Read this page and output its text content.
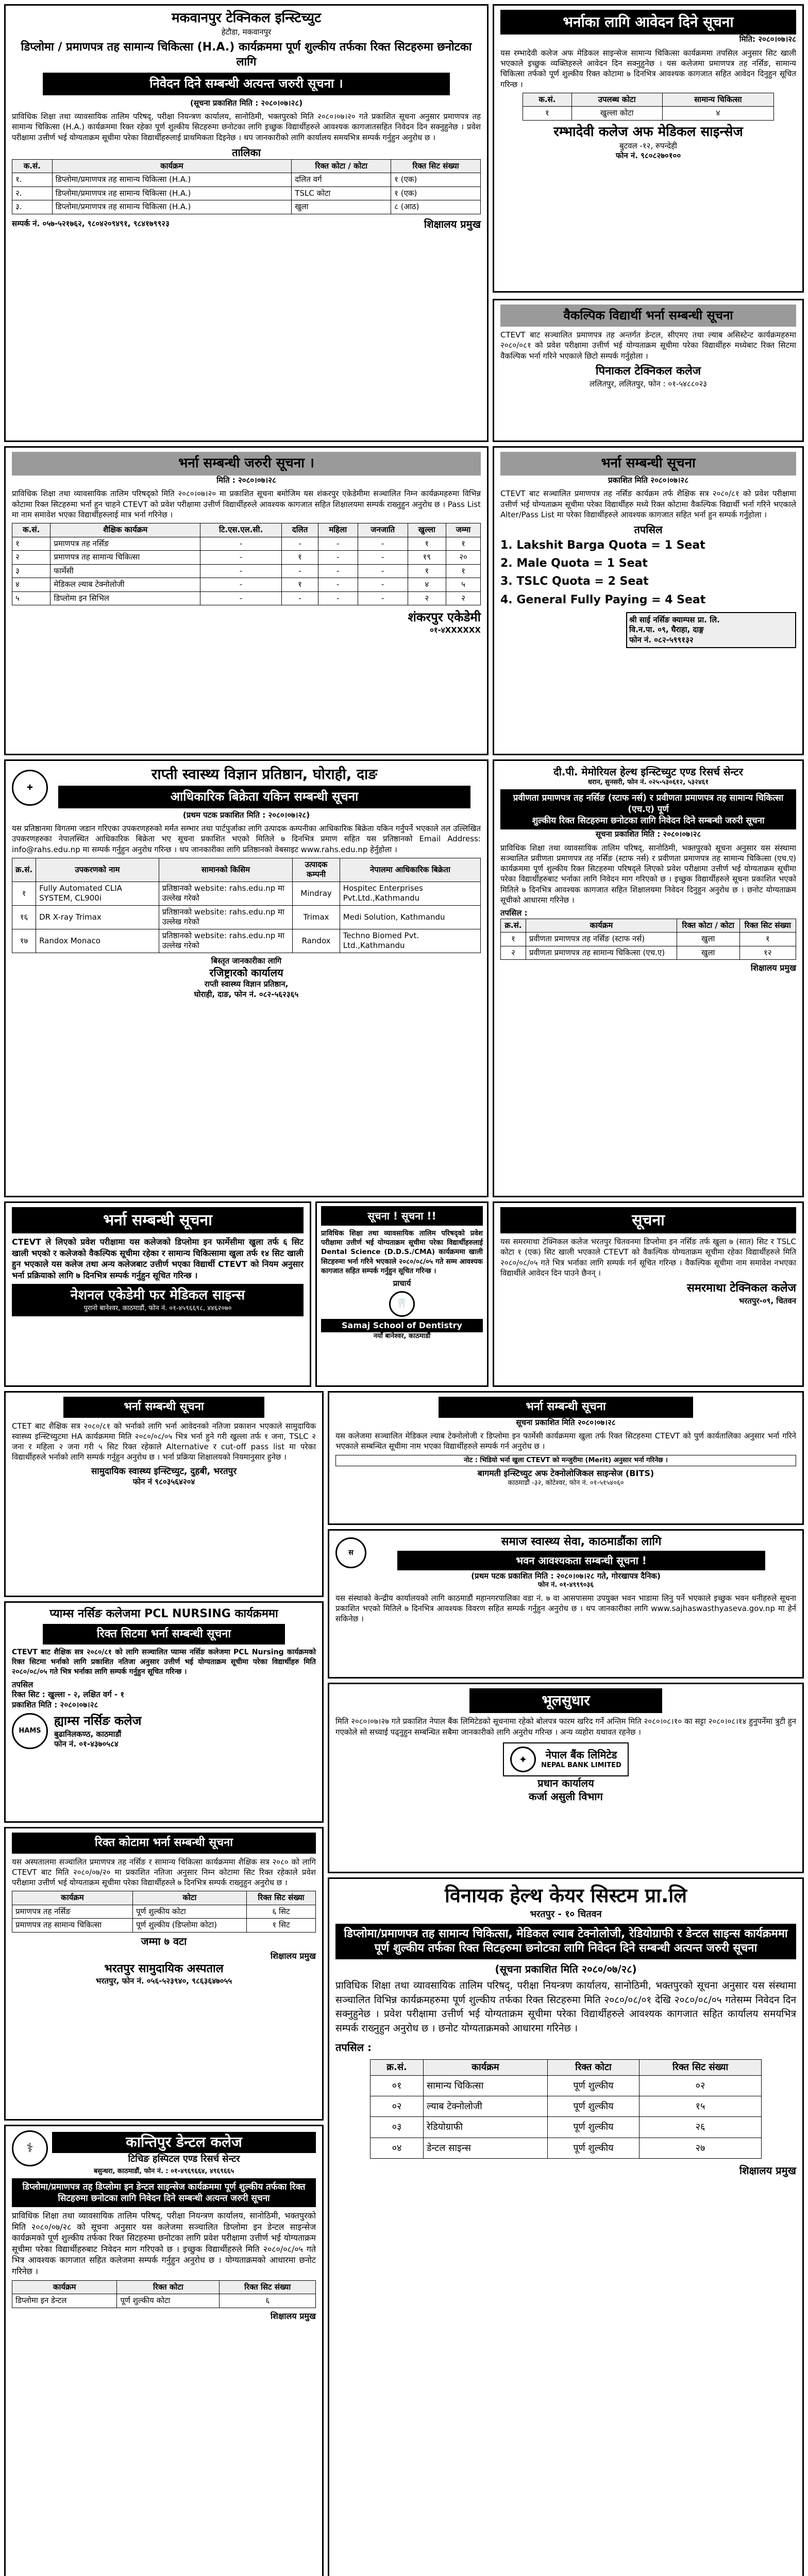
मकवानपुर टेक्निकल इन्स्टिच्युट
हेटौडा, मकवानपुर
डिप्लोमा / प्रमाणपत्र तह सामान्य चिकित्सा (H.A.) कार्यक्रममा पूर्ण शुल्कीय तर्फका रिक्त सिटहरुमा छनोटका लागि
निवेदन दिने सम्बन्धी अत्यन्त जरुरी सूचना ।
(सूचना प्रकाशित मिति : २०८०।०७।२८)
प्राविधिक शिक्षा तथा व्यावसायिक तालिम परिषद्, परीक्षा नियन्त्रण कार्यालय, सानोठिमी, भक्तपुरको मिति २०८०।०७।२० गते प्रकाशित सूचना अनुसार प्रमाणपत्र तह सामान्य चिकित्सा (H.A.) कार्यक्रममा रिक्त रहेका पूर्ण शुल्कीय सिटहरुमा छनोटका लागि इच्छुक विद्यार्थीहरुले आवश्यक कागजातसहित निवेदन दिन सक्नुहुनेछ । प्रवेश परीक्षामा उत्तीर्ण भई योग्यताक्रम सूचीमा परेका विद्यार्थीहरुलाई प्राथमिकता दिइनेछ । थप जानकारीको लागि कार्यालय समयभित्र सम्पर्क गर्नुहुन अनुरोध छ ।
तालिका
क.सं.	कार्यक्रम	रिक्त कोटा / कोटा	रिक्त सिट संख्या
१.	डिप्लोमा/प्रमाणपत्र तह सामान्य चिकित्सा (H.A.)	दलित वर्ग	१ (एक)
२.	डिप्लोमा/प्रमाणपत्र तह सामान्य चिकित्सा (H.A.)	TSLC कोटा	१ (एक)
३.	डिप्लोमा/प्रमाणपत्र तह सामान्य चिकित्सा (H.A.)	खुला	८ (आठ)
सम्पर्क नं. ०५७-५२१७६२, ९८०४२०९४९१, ९८४१७९९२३	शिक्षालय प्रमुख
भर्नाका लागि आवेदन दिने सूचना
मिति: २०८०।०७।२८
यस रम्भादेवी कलेज अफ मेडिकल साइन्सेज सामान्य चिकित्सा कार्यक्रममा तपसिल अनुसार सिट खाली भएकाले इच्छुक व्यक्तिहरुले आवेदन दिन सक्नुहुनेछ । यस कलेजमा प्रमाणपत्र तह नर्सिङ, सामान्य चिकित्सा तर्फको पूर्ण शुल्कीय रिक्त कोटामा ७ दिनभित्र आवश्यक कागजात सहित आवेदन दिनुहुन सूचित गरिन्छ ।
क.सं.	उपलब्ध कोटा	सामान्य चिकित्सा
१	खुल्ला कोटा	४
रम्भादेवी कलेज अफ मेडिकल साइन्सेज
बुटवल -१२, रुपन्देही
फोन नं. ९८०८२७०१००
वैकल्पिक विद्यार्थी भर्ना सम्बन्धी सूचना
CTEVT बाट सञ्चालित प्रमाणपत्र तह अन्तर्गत डेन्टल, सीएमए तथा ल्याब असिस्टेन्ट कार्यक्रमहरुमा २०८०/०८१ को प्रवेश परीक्षामा उत्तीर्ण भई योग्यताक्रम सूचीमा परेका विद्यार्थीहरु मध्येबाट रिक्त सिटमा वैकल्पिक भर्ना गरिने भएकाले छिटो सम्पर्क गर्नुहोला ।
पिनाकल टेक्निकल कलेज
ललितपुर, ललितपुर, फोन : ०१-५४८८०२३
भर्ना सम्बन्धी जरुरी सूचना ।
मिति : २०८०।०७।२८
प्राविधिक शिक्षा तथा व्यावसायिक तालिम परिषद्को मिति २०८०।०७।२० मा प्रकाशित सूचना बमोजिम यस शंकरपुर एकेडेमीमा सञ्चालित निम्न कार्यक्रमहरुमा विभिन्न कोटामा रिक्त सिटहरुमा भर्ना हुन चाहने CTEVT को प्रवेश परीक्षामा उत्तीर्ण विद्यार्थीहरुले आवश्यक कागजात सहित शिक्षालयमा सम्पर्क राख्नुहुन अनुरोध छ । Pass List मा नाम समावेश भएका विद्यार्थीहरुलाई मात्र भर्ना गरिनेछ ।
क.सं.	शैक्षिक कार्यक्रम	टि.एस.एल.सी.	दलित	महिला	जनजाति	खुल्ला	जम्मा
१	प्रमाणपत्र तह नर्सिङ	-	-	-	-	१	१
२	प्रमाणपत्र तह सामान्य चिकित्सा	-	१	-	-	१९	२०
३	फार्मेसी	-	-	-	-	१	१
४	मेडिकल ल्याब टेक्नोलोजी	-	१	-	-	४	५
५	डिप्लोमा इन सिभिल	-	-	-	-	२	२
शंकरपुर एकेडेमी
०१-४XXXXXX
भर्ना सम्बन्धी सूचना
प्रकाशित मिति २०८०।०७।२८
CTEVT बाट सञ्चालित प्रमाणपत्र तह नर्सिङ कार्यक्रम तर्फ शैक्षिक सत्र २०८०/८१ को प्रवेश परीक्षामा उत्तीर्ण भई योग्यताक्रम सूचीमा परेका विद्यार्थीहरु मध्ये रिक्त कोटामा वैकल्पिक विद्यार्थी भर्ना गरिने भएकाले Alter/Pass List मा परेका विद्यार्थीहरुले आवश्यक कागजात सहित भर्ना हुन सम्पर्क गर्नुहोला ।
तपसिल
1. Lakshit Barga Quota = 1 Seat
2. Male Quota = 1 Seat
3. TSLC Quota = 2 Seat
4. General Fully Paying = 4 Seat
श्री साई नर्सिङ क्याम्पस प्रा. लि.
वि.न.पा. ०९, घैराहा, दाङ्ग
फोन नं. ०८२-५९९१३२
✚
राप्ती स्वास्थ्य विज्ञान प्रतिष्ठान, घोराही, दाङ
आधिकारिक बिक्रेता यकिन सम्बन्धी सूचना
(प्रथम पटक प्रकाशित मिति : २०८०।०७।२८)
यस प्रतिष्ठानमा विगतमा जडान गरिएका उपकरणहरुको मर्मत सम्भार तथा पार्टपुर्जाका लागि उत्पादक कम्पनीका आधिकारिक बिक्रेता यकिन गर्नुपर्ने भएकाले तल उल्लिखित उपकरणहरुका नेपालस्थित आधिकारिक बिक्रेता भए सूचना प्रकाशित भएको मितिले ७ दिनभित्र प्रमाण सहित यस प्रतिष्ठानको Email Address: info@rahs.edu.np मा सम्पर्क गर्नुहुन अनुरोध गरिन्छ । थप जानकारीका लागि प्रतिष्ठानको वेबसाइट www.rahs.edu.np हेर्नुहोला ।
क्र.सं.	उपकरणको नाम	सामानको किसिम	उत्पादक कम्पनी	नेपालमा आधिकारिक बिक्रेता
१	Fully Automated CLIA SYSTEM, CL900i	प्रतिष्ठानको website: rahs.edu.np मा उल्लेख गरेको	Mindray	Hospitec Enterprises Pvt.Ltd.,Kathmandu
१६	DR X-ray Trimax	प्रतिष्ठानको website: rahs.edu.np मा उल्लेख गरेको	Trimax	Medi Solution, Kathmandu
१७	Randox Monaco	प्रतिष्ठानको website: rahs.edu.np मा उल्लेख गरेको	Randox	Techno Biomed Pvt. Ltd.,Kathmandu
बिस्तृत जानकारीका लागि
रजिष्ट्रारको कार्यालय
राप्ती स्वास्थ्य विज्ञान प्रतिष्ठान,
घोराही, दाङ, फोन नं. ०८२-५६२३६५
दी.पी. मेमोरियल हेल्थ इन्स्टिच्युट एण्ड रिसर्च सेन्टर
धरान, सुनसरी, फोन नं. ०२५-५३०६१२, ५३२४६१
प्रवीणता प्रमाणपत्र तह नर्सिङ (स्टाफ नर्स) र प्रवीणता प्रमाणपत्र तह सामान्य चिकित्सा (एच.ए) पूर्ण
शुल्कीय रिक्त सिटहरुमा छनोटका लागि निवेदन दिने सम्बन्धी जरुरी सूचना
सूचना प्रकाशित मिति : २०८०।०७।२८
प्राविधिक शिक्षा तथा व्यावसायिक तालिम परिषद्, सानोठिमी, भक्तपुरको सूचना अनुसार यस संस्थामा सञ्चालित प्रवीणता प्रमाणपत्र तह नर्सिङ (स्टाफ नर्स) र प्रवीणता प्रमाणपत्र तह सामान्य चिकित्सा (एच.ए) कार्यक्रममा पूर्ण शुल्कीय रिक्त सिटहरुमा परिषद्ले लिएको प्रवेश परीक्षामा उत्तीर्ण भई योग्यताक्रम सूचीमा परेका विद्यार्थीहरुबाट भर्नाका लागि निवेदन माग गरिएको छ । इच्छुक विद्यार्थीहरुले सूचना प्रकाशित भएको मितिले ७ दिनभित्र आवश्यक कागजात सहित शिक्षालयमा निवेदन दिनुहुन अनुरोध छ । छनोट योग्यताक्रम सूचीको आधारमा गरिनेछ ।
तपसिल :
क्र.सं.	कार्यक्रम	रिक्त कोटा / कोटा	रिक्त सिट संख्या
१	प्रवीणता प्रमाणपत्र तह नर्सिङ (स्टाफ नर्स)	खुला	१
२	प्रवीणता प्रमाणपत्र तह सामान्य चिकित्सा (एच.ए)	खुला	१२
शिक्षालय प्रमुख
भर्ना सम्बन्धी सूचना
CTEVT ले लिएको प्रवेश परीक्षामा यस कलेजको डिप्लोमा इन फार्मेसीमा खुला तर्फ ६ सिट खाली भएको र कलेजको वैकल्पिक सूचीमा रहेका र सामान्य चिकित्सामा खुला तर्फ १४ सिट खाली हुन भएकाले यस कलेज तथा अन्य कलेजबाट उत्तीर्ण भएका विद्यार्थी CTEVT को नियम अनुसार भर्ना प्रक्रियाको लागि ७ दिनभित्र सम्पर्क गर्नुहुन सूचित गरिन्छ ।
नेशनल एकेडेमी फर मेडिकल साइन्स
पुरानो बानेश्वर, काठमाडौं, फोन नं. ०१-४५९६६९८, ४४६२०७०
सूचना ! सूचना !!
प्राविधिक शिक्षा तथा व्यावसायिक तालिम परिषद्को प्रवेश परीक्षामा उत्तीर्ण भई योग्यताक्रम सूचीमा परेका विद्यार्थीहरुलाई Dental Science (D.D.S./CMA) कार्यक्रममा खाली सिटहरुमा भर्ना गरिने भएकाले २०८०/०८/०५ गते सम्म आवश्यक कागजात सहित सम्पर्क गर्नुहुन सूचित गरिन्छ ।
प्राचार्य
🦷
Samaj School of Dentistry
नयाँ बानेश्वर, काठमाडौं
सूचना
यस समरमाथा टेक्निकल कलेज भरतपुर चितवनमा डिप्लोमा इन नर्सिङ तर्फ खुला ७ (सात) सिट र TSLC कोटा १ (एक) सिट खाली भएकाले CTEVT को वैकल्पिक योग्यताक्रम सूचीमा रहेका विद्यार्थीहरुले मिति २०८०/०८/०५ गते भित्र भर्नाका लागि सम्पर्क गर्न सूचित गरिन्छ । वैकल्पिक सूचीमा नाम समावेश नभएका विद्यार्थीले आवेदन दिन पाउने छैनन् ।
समरमाथा टेक्निकल कलेज
भरतपुर-०९, चितवन
भर्ना सम्बन्धी सूचना
CTET बाट शैक्षिक सत्र २०८०/८१ को भर्नाको लागि भर्ना आवेदनको नतिजा प्रकाशन भएकाले सामुदायिक स्वास्थ्य इन्स्टिच्युटमा HA कार्यक्रममा मिति २०८०/०८/०५ भित्र भर्ना हुने गरी खुल्ला तर्फ १ जना, TSLC २ जना र महिला २ जना गरी ५ सिट रिक्त रहेकाले Alternative र cut-off pass list मा परेका विद्यार्थीहरुले भर्नाको लागि सम्पर्क गर्नुहुन अनुरोध छ । भर्ना प्रक्रिया शिक्षालयको नियमानुसार हुनेछ ।
सामुदायिक स्वास्थ्य इन्स्टिच्युट, दुहबी, भरतपुर
फोन नं ९८०३५६४२०४
भर्ना सम्बन्धी सूचना
सूचना प्रकाशित मिति २०८०।०७।२८
यस कलेजमा सञ्चालित मेडिकल ल्याब टेक्नोलोजी र डिप्लोमा इन फार्मेसी कार्यक्रममा खुला तर्फ रिक्त सिटहरुमा CTEVT को पुर्ण कार्यतालिका अनुसार भर्ना गरिने भएकाले सम्बन्धित सूचीमा नाम भएका विद्यार्थीहरुले सम्पर्क गर्न अनुरोध छ ।
नोट : भिडियो भर्ना खुला CTEVT को मन्जुरीमा (Merit) अनुसार भर्ना गरिनेछ ।
बागमती इन्स्टिच्युट अफ टेक्नोलोजिकल साइन्सेज (BITS)
काठमाडौं -३२, कोटेश्वर, फोन नं. ०१-५१५४०६०
स
समाज स्वास्थ्य सेवा, काठमाडौंका लागि
भवन आवश्यकता सम्बन्धी सूचना !
(प्रथम पटक प्रकाशित मिति : २०८०।०७।२८ गते, गोरखापत्र दैनिक)
फोन नं. ०१-४९९९०३६
यस संस्थाको केन्द्रीय कार्यालयको लागि काठमाडौं महानगरपालिका वडा नं. ७ वा आसपासमा उपयुक्त भवन भाडामा लिनु पर्ने भएकाले इच्छुक भवन धनीहरुले सूचना प्रकाशित भएको मितिले ७ दिनभित्र आवश्यक विवरण सहित सम्पर्क गर्नुहुन अनुरोध छ । थप जानकारीका लागि www.sajhaswasthyaseva.gov.np मा हेर्न सकिनेछ ।
प्याम्स नर्सिङ कलेजमा PCL NURSING कार्यक्रममा
रिक्त सिटमा भर्ना सम्बन्धी सूचना
CTEVT बाट शैक्षिक सत्र २०८०/८१ को लागि सञ्चालित प्याम्स नर्सिङ कलेजमा PCL Nursing कार्यक्रमको रिक्त सिटमा भर्नाको लागि प्रकाशित नतिजा अनुसार उत्तीर्ण भई योग्यताक्रम सूचीमा परेका विद्यार्थीहरु मिति २०८०/०८/०५ गते भित्र भर्नाका लागि सम्पर्क गर्नुहुन सूचित गरिन्छ ।
तपसिल
रिक्त सिट : खुल्ला - २, लक्षित वर्ग - १
प्रकाशित मिति : २०८०।०७।२८
HAMS
ह्याम्स नर्सिङ कलेज
बुढानिलकण्ठ, काठमाडौं
फोन नं. ०१-४३७०५८४
भूलसुधार
मिति २०८०।०७।२७ गते प्रकाशित नेपाल बैंक लिमिटेडको सूचनामा रहेको बोलपत्र फारम खरिद गर्ने अन्तिम मिति २०८०।०८।१० का सट्टा २०८०।०८।१४ हुनुपर्नेमा त्रुटी हुन गएकोले सो सच्याई पढ्नुहुन सम्बन्धित सबैमा जानकारीको लागि अनुरोध गरिन्छ । अन्य व्यहोरा यथावत रहनेछ ।
✦	नेपाल बैंक लिमिटेड
NEPAL BANK LIMITED
प्रधान कार्यालय
कर्जा असुली विभाग
रिक्त कोटामा भर्ना सम्बन्धी सूचना
यस अस्पतालमा सञ्चालित प्रमाणपत्र तह नर्सिङ र सामान्य चिकित्सा कार्यक्रममा शैक्षिक सत्र २०८० को लागि CTEVT बाट मिति २०८०/०७/२० मा प्रकाशित नतिजा अनुसार निम्न कोटामा सिट रिक्त रहेकाले प्रवेश परीक्षामा उत्तीर्ण भई योग्यताक्रम सूचीमा परेका विद्यार्थीहरुले ७ दिनभित्र सम्पर्क राख्नुहुन अनुरोध छ ।
कार्यक्रम	कोटा	रिक्त सिट संख्या
प्रमाणपत्र तह नर्सिङ	पूर्ण शुल्कीय कोटा	६ सिट
प्रमाणपत्र तह सामान्य चिकित्सा	पूर्ण शुल्कीय (डिप्लोमा कोटा)	१ सिट
जम्मा ७ वटा
शिक्षालय प्रमुख
भरतपुर सामुदायिक अस्पताल
भरतपुर, फोन नं. ०५६-५२३९४०, ९८६३६४७०५५
विनायक हेल्थ केयर सिस्टम प्रा.लि
भरतपुर - १० चितवन
डिप्लोमा/प्रमाणपत्र तह सामान्य चिकित्सा, मेडिकल ल्याब टेक्नोलोजी, रेडियोग्राफी र डेन्टल साइन्स कार्यक्रममा पूर्ण शुल्कीय तर्फका रिक्त सिटहरुमा छनोटका लागि निवेदन दिने सम्बन्धी अत्यन्त जरुरी सूचना
(सूचना प्रकाशित मिति २०८०/०७/२८)
प्राविधिक शिक्षा तथा व्यावसायिक तालिम परिषद्, परीक्षा नियन्त्रण कार्यालय, सानोठिमी, भक्तपुरको सूचना अनुसार यस संस्थामा सञ्चालित विभिन्न कार्यक्रमहरुमा पूर्ण शुल्कीय तर्फका रिक्त सिटहरुमा मिति २०८०/०८/०१ देखि २०८०/०८/०५ गतेसम्म निवेदन दिन सक्नुहुनेछ । प्रवेश परीक्षामा उत्तीर्ण भई योग्यताक्रम सूचीमा परेका विद्यार्थीहरुले आवश्यक कागजात सहित कार्यालय समयभित्र सम्पर्क राख्नुहुन अनुरोध छ । छनोट योग्यताक्रमको आधारमा गरिनेछ ।
तपसिल :
क्र.सं.	कार्यक्रम	रिक्त कोटा	रिक्त सिट संख्या
०१	सामान्य चिकित्सा	पूर्ण शुल्कीय	०२
०२	ल्याब टेक्नोलोजी	पूर्ण शुल्कीय	१५
०३	रेडियोग्राफी	पूर्ण शुल्कीय	२६
०४	डेन्टल साइन्स	पूर्ण शुल्कीय	२७
शिक्षालय प्रमुख
⚕	कान्तिपुर डेन्टल कलेज
टिचिङ हस्पिटल एण्ड रिसर्च सेन्टर
बसुन्धरा, काठमाडौं, फोन नं. : ०१-४९६९६६४, ४९६९६६५
डिप्लोमा/प्रमाणपत्र तह डिप्लोमा इन डेन्टल साइन्सेज कार्यक्रममा पूर्ण शुल्कीय तर्फका रिक्त सिटहरुमा छनोटका लागि निवेदन दिने सम्बन्धी अत्यन्त जरुरी सूचना
प्राविधिक शिक्षा तथा व्यावसायिक तालिम परिषद्, परीक्षा नियन्त्रण कार्यालय, सानोठिमी, भक्तपुरको मिति २०८०/०७/२८ को सूचना अनुसार यस कलेजमा सञ्चालित डिप्लोमा इन डेन्टल साइन्सेज कार्यक्रमको पूर्ण शुल्कीय तर्फका रिक्त सिटहरुमा छनोटका लागि प्रवेश परीक्षामा उत्तीर्ण भई योग्यताक्रम सूचीमा परेका विद्यार्थीहरुबाट निवेदन माग गरिएको छ । इच्छुक विद्यार्थीहरुले मिति २०८०/०८/०५ गते भित्र आवश्यक कागजात सहित कलेजमा सम्पर्क गर्नुहुन अनुरोध छ । योग्यताक्रमको आधारमा छनोट गरिनेछ ।
कार्यक्रम	रिक्त कोटा	रिक्त सिट संख्या
डिप्लोमा इन डेन्टल	पूर्ण शुल्कीय कोटा	६
शिक्षालय प्रमुख
